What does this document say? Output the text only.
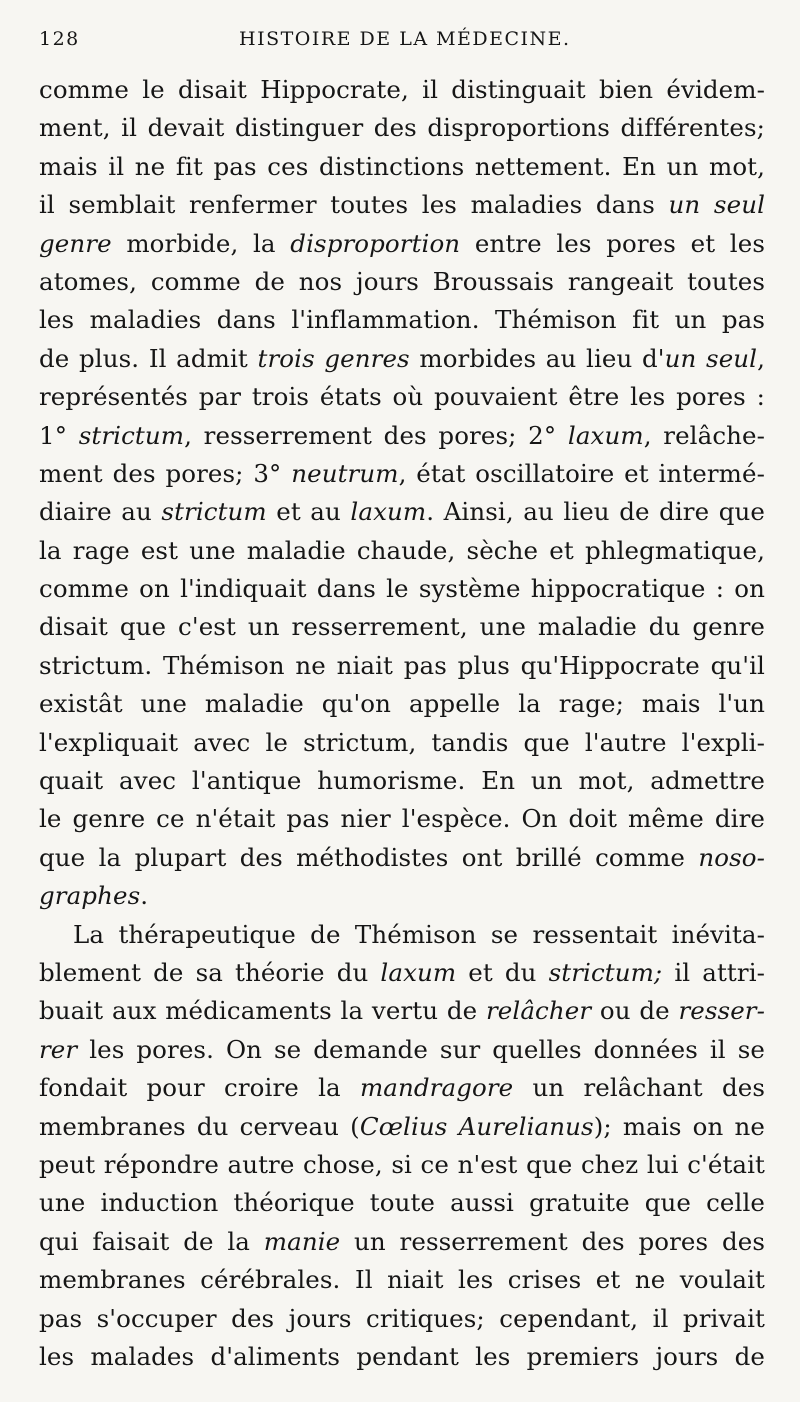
128	HISTOIRE DE LA MÉDECINE.
comme le disait Hippocrate, il distinguait bien évidem-
ment, il devait distinguer des disproportions différentes;
mais il ne fit pas ces distinctions nettement. En un mot,
il semblait renfermer toutes les maladies dans un seul
genre morbide, la disproportion entre les pores et les
atomes, comme de nos jours Broussais rangeait toutes
les maladies dans l'inflammation. Thémison fit un pas
de plus. Il admit trois genres morbides au lieu d'un seul,
représentés par trois états où pouvaient être les pores :
1° strictum, resserrement des pores; 2° laxum, relâche-
ment des pores; 3° neutrum, état oscillatoire et intermé-
diaire au strictum et au laxum. Ainsi, au lieu de dire que
la rage est une maladie chaude, sèche et phlegmatique,
comme on l'indiquait dans le système hippocratique : on
disait que c'est un resserrement, une maladie du genre
strictum. Thémison ne niait pas plus qu'Hippocrate qu'il
existât une maladie qu'on appelle la rage; mais l'un
l'expliquait avec le strictum, tandis que l'autre l'expli-
quait avec l'antique humorisme. En un mot, admettre
le genre ce n'était pas nier l'espèce. On doit même dire
que la plupart des méthodistes ont brillé comme noso-
graphes.
La thérapeutique de Thémison se ressentait inévita-
blement de sa théorie du laxum et du strictum; il attri-
buait aux médicaments la vertu de relâcher ou de resser-
rer les pores. On se demande sur quelles données il se
fondait pour croire la mandragore un relâchant des
membranes du cerveau (Cœlius Aurelianus); mais on ne
peut répondre autre chose, si ce n'est que chez lui c'était
une induction théorique toute aussi gratuite que celle
qui faisait de la manie un resserrement des pores des
membranes cérébrales. Il niait les crises et ne voulait
pas s'occuper des jours critiques; cependant, il privait
les malades d'aliments pendant les premiers jours de
